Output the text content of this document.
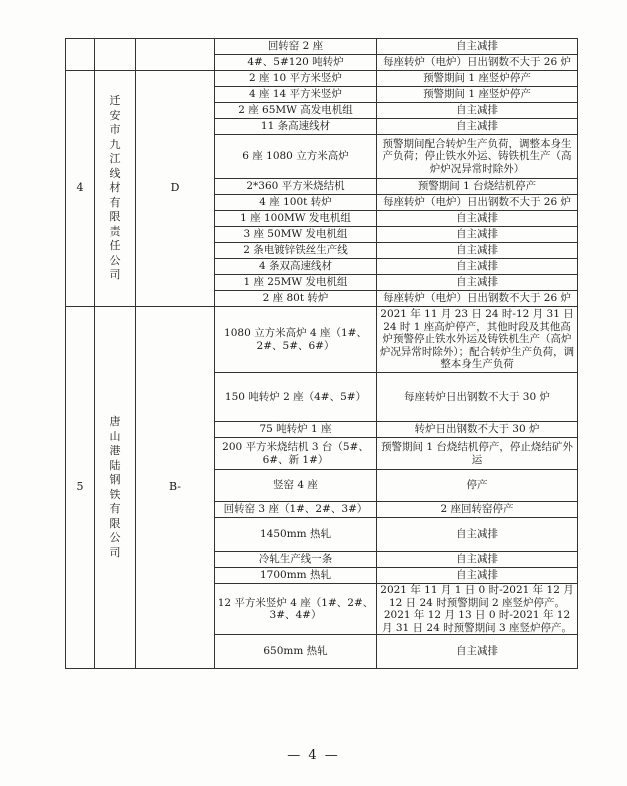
			回转窑 2 座	自主减排
			4#、5#120 吨转炉	每座转炉（电炉）日出钢数不大于 26 炉
4	迁安市九江线材有限责任公司	D	2 座 10 平方米竖炉	预警期间 1 座竖炉停产
			4 座 14 平方米竖炉	预警期间 1 座竖炉停产
			2 座 65MW 高发电机组	自主减排
			11 条高速线材	自主减排
			6 座 1080 立方米高炉	预警期间配合转炉生产负荷，调整本身生产负荷；停止铁水外运、铸铁机生产（高炉炉况异常时除外）
			2*360 平方米烧结机	预警期间 1 台烧结机停产
			4 座 100t 转炉	每座转炉（电炉）日出钢数不大于 26 炉
			1 座 100MW 发电机组	自主减排
			3 座 50MW 发电机组	自主减排
			2 条电镀锌铁丝生产线	自主减排
			4 条双高速线材	自主减排
			1 座 25MW 发电机组	自主减排
			2 座 80t 转炉	每座转炉（电炉）日出钢数不大于 26 炉
5	唐山港陆钢铁有限公司	B-	1080 立方米高炉 4 座（1#、2#、5#、6#）	2021 年 11 月 23 日 24 时-12 月 31 日 24 时 1 座高炉停产，其他时段及其他高炉预警停止铁水外运及铸铁机生产（高炉炉况异常时除外）；配合转炉生产负荷，调整本身生产负荷
			150 吨转炉 2 座（4#、5#）	每座转炉日出钢数不大于 30 炉
			75 吨转炉 1 座	转炉日出钢数不大于 30 炉
			200 平方米烧结机 3 台（5#、6#、新 1#）	预警期间 1 台烧结机停产，停止烧结矿外运
			竖窑 4 座	停产
			回转窑 3 座（1#、2#、3#）	2 座回转窑停产
			1450mm 热轧	自主减排
			冷轧生产线一条	自主减排
			1700mm 热轧	自主减排
			12 平方米竖炉 4 座（1#、2#、3#、4#）	2021 年 11 月 1 日 0 时-2021 年 12 月 12 日 24 时预警期间 2 座竖炉停产。2021 年 12 月 13 日 0 时-2021 年 12 月 31 日 24 时预警期间 3 座竖炉停产。
			650mm 热轧	自主减排
— 4 —
